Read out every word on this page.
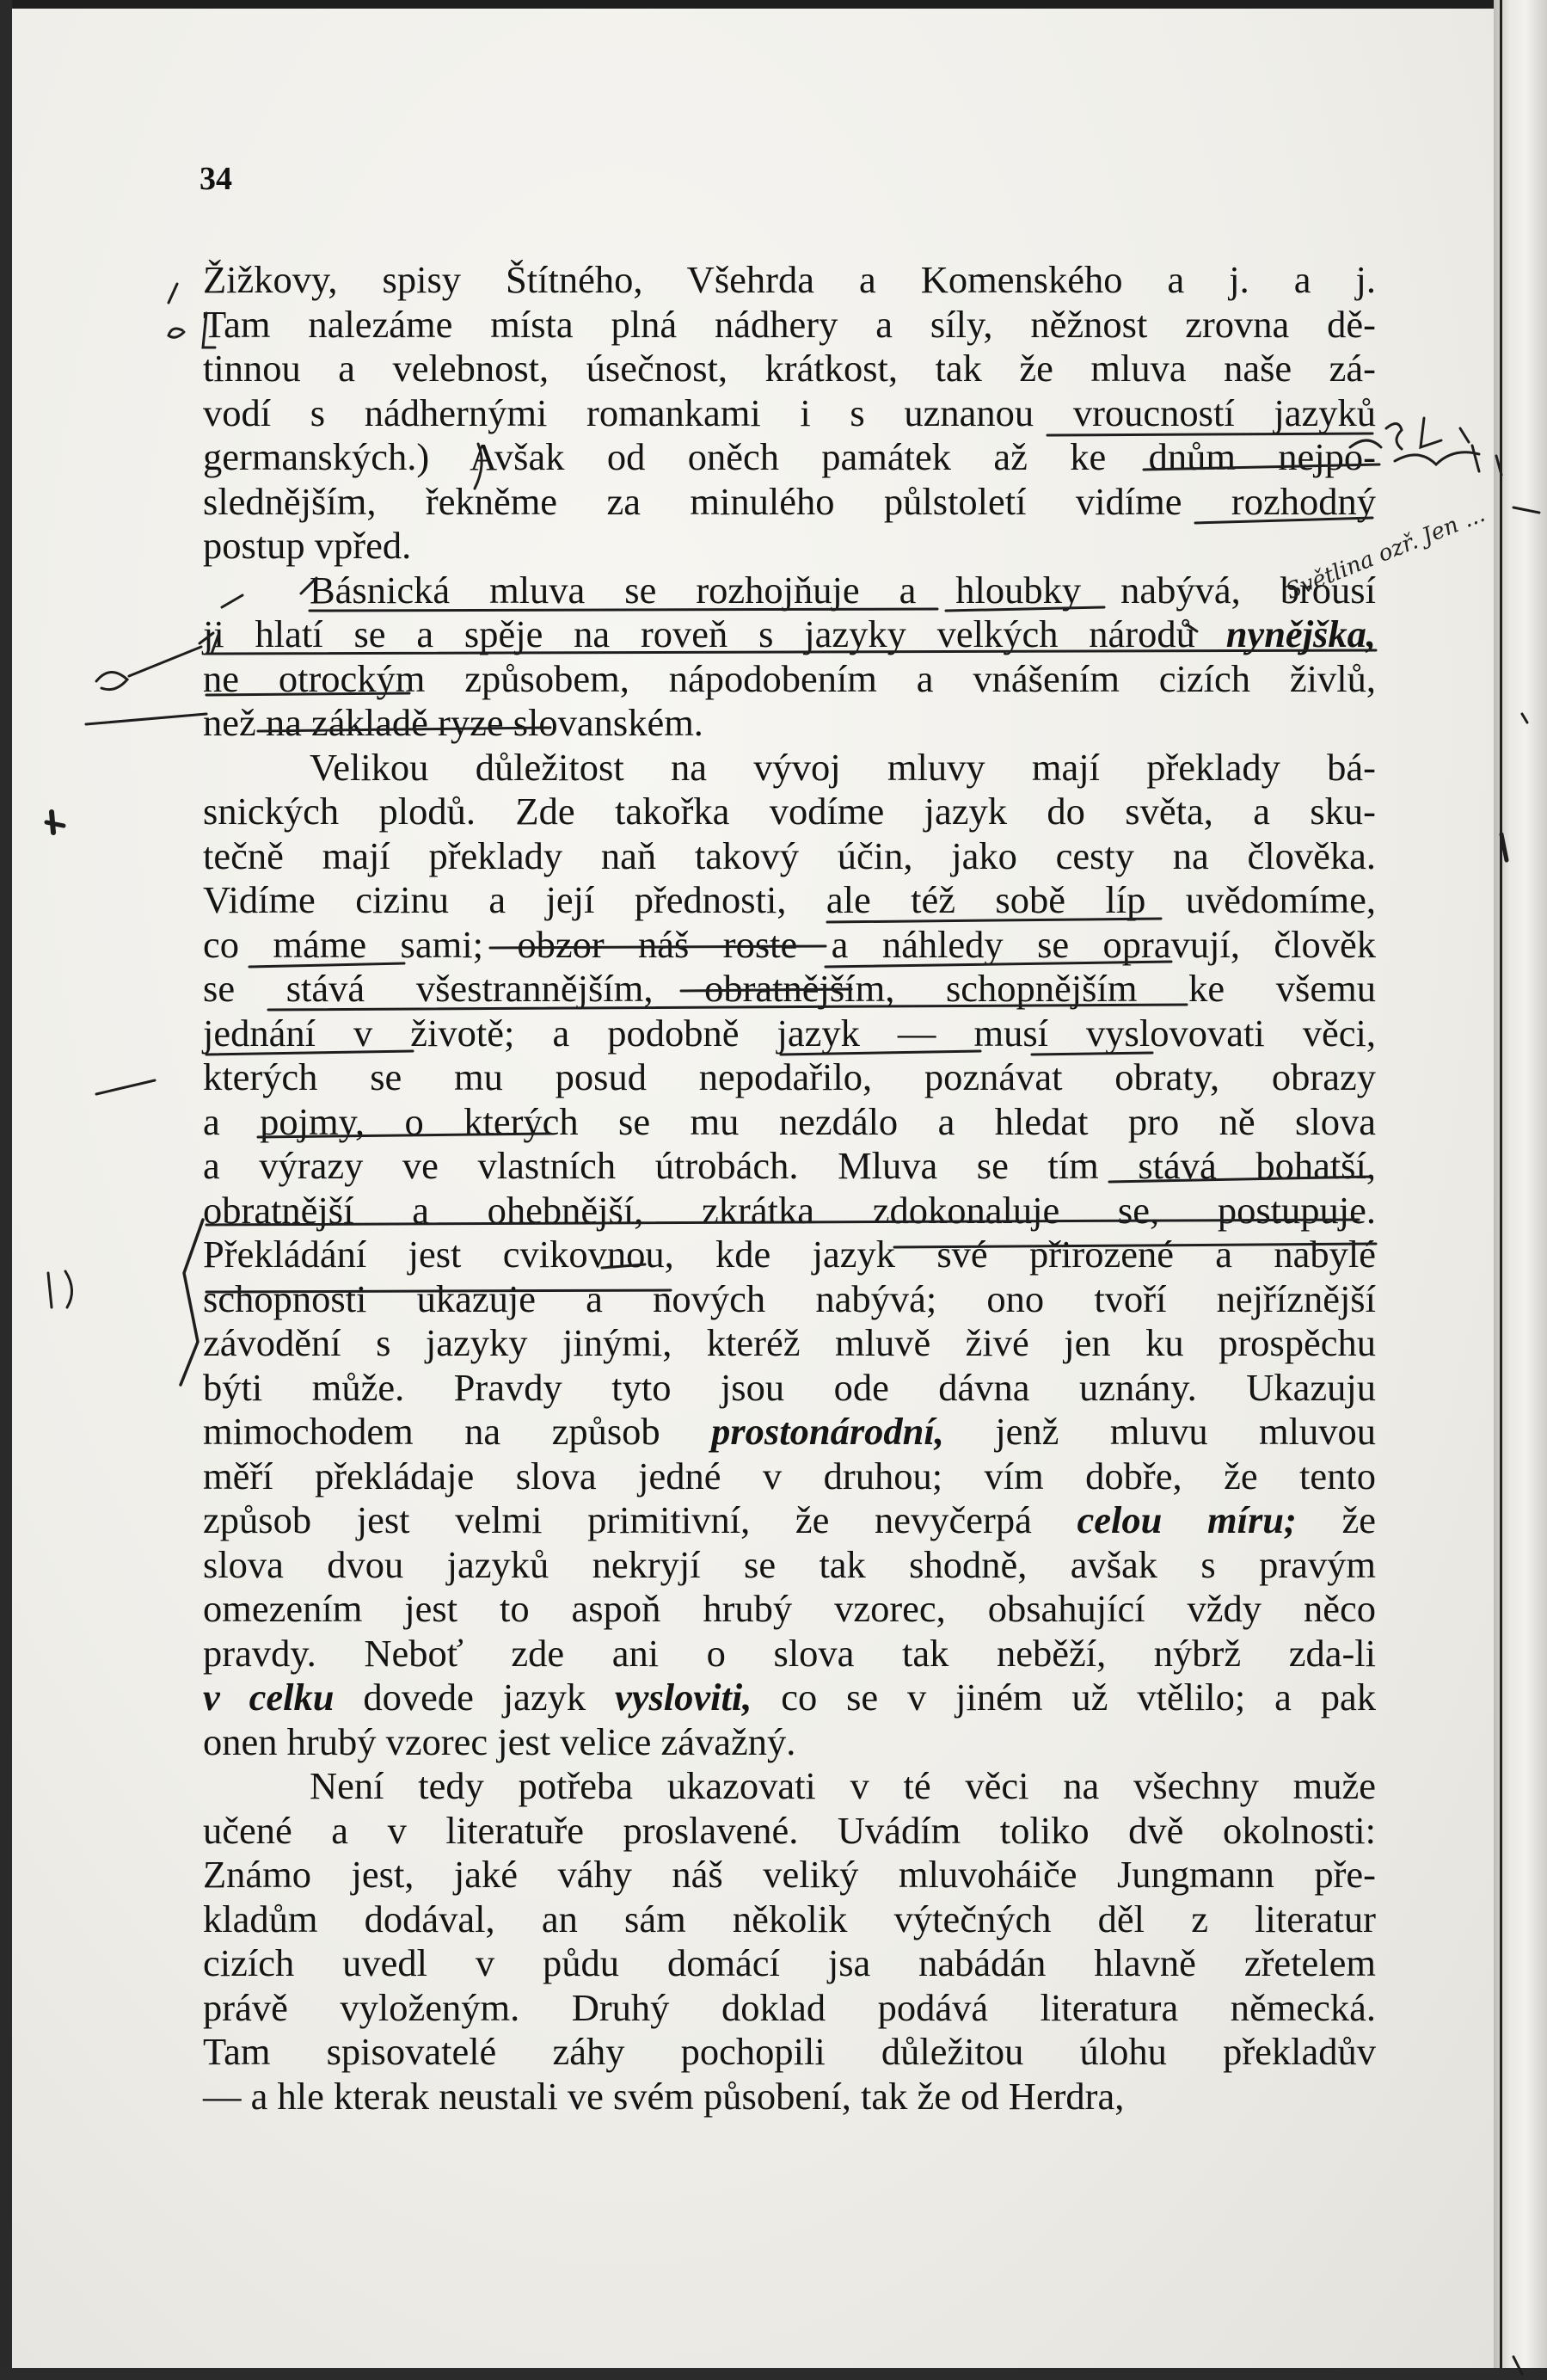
34
Žižkovy, spisy Štítného, Všehrda a Komenského a j. a j.
Tam nalezáme místa plná nádhery a síly, něžnost zrovna dě-
tinnou a velebnost, úsečnost, krátkost, tak že mluva naše zá-
vodí s nádhernými romankami i s uznanou vroucností jazyků
germanských.) Avšak od oněch památek až ke dnům nejpo-
slednějším, řekněme za minulého půlstoletí vidíme rozhodný
postup vpřed.
Básnická mluva se rozhojňuje a hloubky nabývá, brousí
ji hlatí se a spěje na roveň s jazyky velkých národů nynějška,
ne otrockým způsobem, nápodobením a vnášením cizích živlů,
než na základě ryze slovanském.
Velikou důležitost na vývoj mluvy mají překlady bá-
snických plodů. Zde takořka vodíme jazyk do světa, a sku-
tečně mají překlady naň takový účin, jako cesty na člověka.
Vidíme cizinu a její přednosti, ale též sobě líp uvědomíme,
co máme sami; obzor náš roste a náhledy se opravují, člověk
se stává všestrannějším, obratnějším, schopnějším ke všemu
jednání v životě; a podobně jazyk — musí vyslovovati věci,
kterých se mu posud nepodařilo, poznávat obraty, obrazy
a pojmy, o kterých se mu nezdálo a hledat pro ně slova
a výrazy ve vlastních útrobách. Mluva se tím stává bohatší,
obratnější a ohebnější, zkrátka zdokonaluje se, postupuje.
Překládání jest cvikovnou, kde jazyk své přirozené a nabylé
schopnosti ukazuje a nových nabývá; ono tvoří nejříznější
závodění s jazyky jinými, kteréž mluvě živé jen ku prospěchu
býti může. Pravdy tyto jsou ode dávna uznány. Ukazuju
mimochodem na způsob prostonárodní, jenž mluvu mluvou
měří překládaje slova jedné v druhou; vím dobře, že tento
způsob jest velmi primitivní, že nevyčerpá celou míru; že
slova dvou jazyků nekryjí se tak shodně, avšak s pravým
omezením jest to aspoň hrubý vzorec, obsahující vždy něco
pravdy. Neboť zde ani o slova tak neběží, nýbrž zda-li
v celku dovede jazyk vysloviti, co se v jiném už vtělilo; a pak
onen hrubý vzorec jest velice závažný.
Není tedy potřeba ukazovati v té věci na všechny muže
učené a v literatuře proslavené. Uvádím toliko dvě okolnosti:
Známo jest, jaké váhy náš veliký mluvoháiče Jungmann pře-
kladům dodával, an sám několik výtečných děl z literatur
cizích uvedl v půdu domácí jsa nabádán hlavně zřetelem
právě vyloženým. Druhý doklad podává literatura německá.
Tam spisovatelé záhy pochopili důležitou úlohu překladův
— a hle kterak neustali ve svém působení, tak že od Herdra,
Světlina ozř. Jen ...
